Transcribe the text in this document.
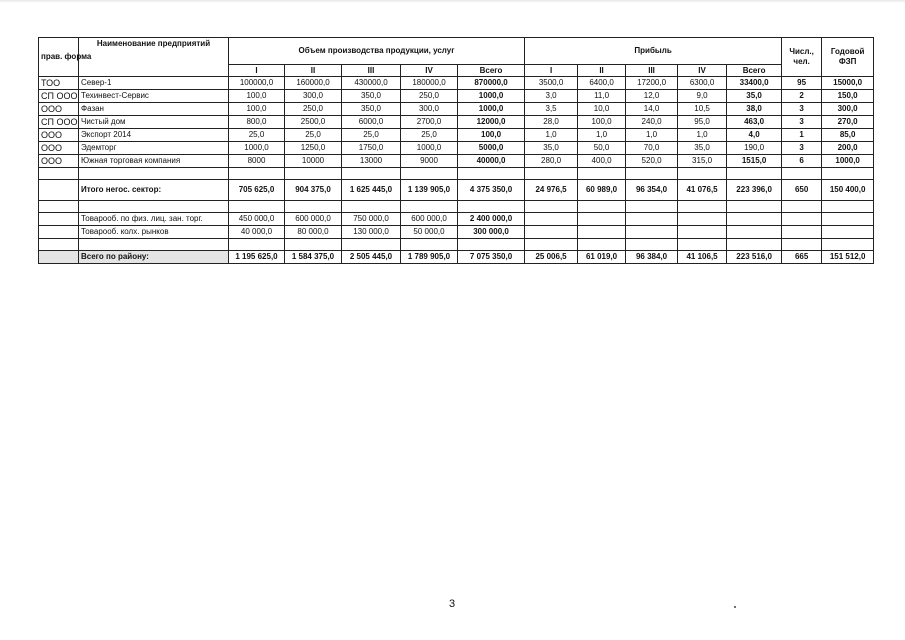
прав. форма	Наименование предприятий	Объем производства продукции, услуг					Прибыль					Числ., чел.	Годовой ФЗП
		I	II	III	IV	Всего	I	II	III	IV	Всего		
ТОО	Север-1	100000,0	160000,0	430000,0	180000,0	870000,0	3500,0	6400,0	17200,0	6300,0	33400,0	95	15000,0
СП ООО	Техинвест-Сервис	100,0	300,0	350,0	250,0	1000,0	3,0	11,0	12,0	9,0	35,0	2	150,0
ООО	Фазан	100,0	250,0	350,0	300,0	1000,0	3,5	10,0	14,0	10,5	38,0	3	300,0
СП ООО	Чистый дом	800,0	2500,0	6000,0	2700,0	12000,0	28,0	100,0	240,0	95,0	463,0	3	270,0
ООО	Экспорт 2014	25,0	25,0	25,0	25,0	100,0	1,0	1,0	1,0	1,0	4,0	1	85,0
ООО	Эдемторг	1000,0	1250,0	1750,0	1000,0	5000,0	35,0	50,0	70,0	35,0	190,0	3	200,0
ООО	Южная торговая компания	8000	10000	13000	9000	40000,0	280,0	400,0	520,0	315,0	1515,0	6	1000,0

	Итого негос. сектор:	705 625,0	904 375,0	1 625 445,0	1 139 905,0	4 375 350,0	24 976,5	60 989,0	96 354,0	41 076,5	223 396,0	650	150 400,0

	Товарооб. по физ. лиц. зан. торг.	450 000,0	600 000,0	750 000,0	600 000,0	2 400 000,0							
	Товарооб. колх. рынков	40 000,0	80 000,0	130 000,0	50 000,0	300 000,0							

	Всего по району:	1 195 625,0	1 584 375,0	2 505 445,0	1 789 905,0	7 075 350,0	25 006,5	61 019,0	96 384,0	41 106,5	223 516,0	665	151 512,0
3
